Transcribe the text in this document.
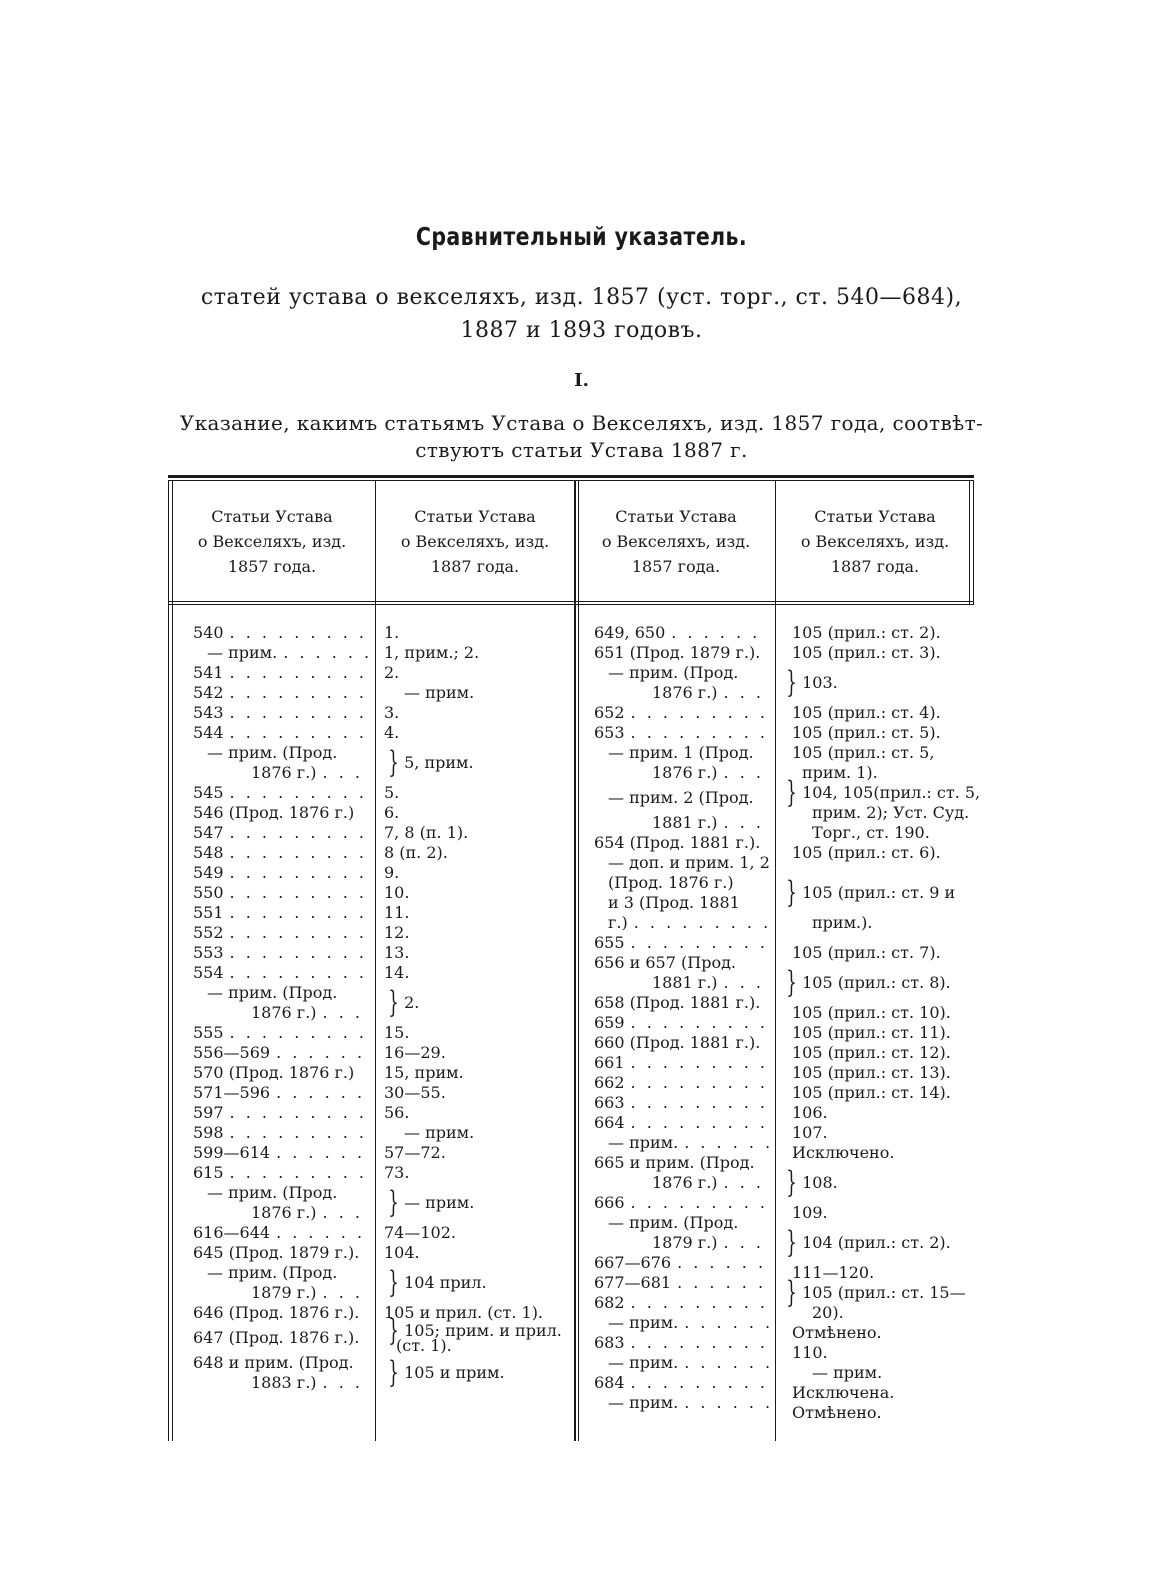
Сравнительный указатель.
статей устава о векселяхъ, изд. 1857 (уст. торг., ст. 540—684),
1887 и 1893 годовъ.
I.
Указание, какимъ статьямъ Устава о Векселяхъ, изд. 1857 года, соотвѣт-
ствуютъ статьи Устава 1887 г.
Статьи Устава
о Векселяхъ, изд.
1857 года.
Статьи Устава
о Векселяхъ, изд.
1887 года.
Статьи Устава
о Векселяхъ, изд.
1857 года.
Статьи Устава
о Векселяхъ, изд.
1887 года.
540
. . .
— прим.
. . .
541
. . .
542
. . .
543
. . .
544
. . .
— прим. (Прод.
1876 г.)
. . .
545
. . .
546 (Прод. 1876 г.)
547
. . .
548
. . .
549
. . .
550
. . .
551
. . .
552
. . .
553
. . .
554
. . .
— прим. (Прод.
1876 г.)
. . .
555
. . .
556—569
. . .
570 (Прод. 1876 г.)
571—596
. . .
597
. . .
598
. . .
599—614
. . .
615
. . .
— прим. (Прод.
1876 г.)
. . .
616—644
. . .
645 (Прод. 1879 г.).
— прим. (Прод.
1879 г.)
. . .
646 (Прод. 1876 г.).
647 (Прод. 1876 г.).
648 и прим. (Прод.
1883 г.)
. . .
1.
1, прим.; 2.
2.
— прим.
3.
4.
} 5, прим.
5.
6.
7, 8 (п. 1).
8 (п. 2).
9.
10.
11.
12.
13.
14.
} 2.
15.
16—29.
15, прим.
30—55.
56.
— прим.
57—72.
73.
} — прим.
74—102.
104.
} 104 прил.
105 и прил. (ст. 1).
} 105; прим. и прил.
(ст. 1).
} 105 и прим.
649, 650
. . .
651 (Прод. 1879 г.).
— прим. (Прод.
1876 г.)
. . .
652
. . .
653
. . .
— прим. 1 (Прод.
1876 г.)
. . .
— прим. 2 (Прод.
1881 г.)
. . .
654 (Прод. 1881 г.).
— доп. и прим. 1, 2
(Прод. 1876 г.)
и 3 (Прод. 1881
г.)
. . .
655
. . .
656 и 657 (Прод.
1881 г.)
. . .
658 (Прод. 1881 г.).
659
. . .
660 (Прод. 1881 г.).
661
. . .
662
. . .
663
. . .
664
. . .
— прим.
. . .
665 и прим. (Прод.
1876 г.)
. . .
666
. . .
— прим. (Прод.
1879 г.)
. . .
667—676
. . .
677—681
. . .
682
. . .
— прим.
. . .
683
. . .
— прим.
. . .
684
. . .
— прим.
. . .
105 (прил.: ст. 2).
105 (прил.: ст. 3).
} 103.
105 (прил.: ст. 4).
105 (прил.: ст. 5).
105 (прил.: ст. 5,
прим. 1).
} 104, 105(прил.: ст. 5,
прим. 2); Уст. Суд.
Торг., ст. 190.
105 (прил.: ст. 6).
} 105 (прил.: ст. 9 и
прим.).
105 (прил.: ст. 7).
} 105 (прил.: ст. 8).
105 (прил.: ст. 10).
105 (прил.: ст. 11).
105 (прил.: ст. 12).
105 (прил.: ст. 13).
105 (прил.: ст. 14).
106.
107.
Исключено.
} 108.
109.
} 104 (прил.: ст. 2).
111—120.
} 105 (прил.: ст. 15—
20).
Отмѣнено.
110.
— прим.
Исключена.
Отмѣнено.
